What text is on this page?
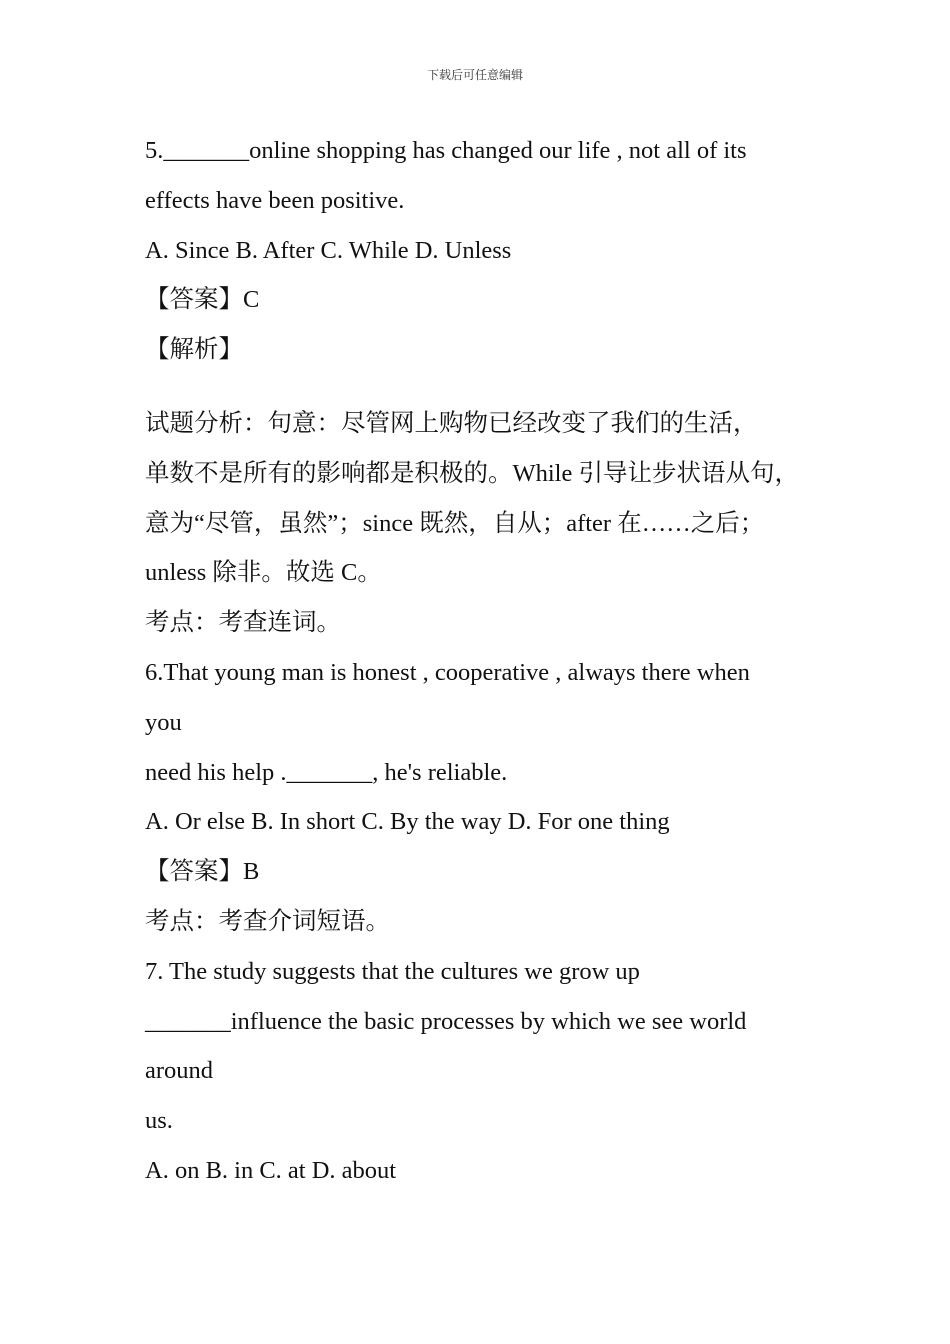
下载后可任意编辑
5._______online shopping has changed our life , not all of its
effects have been positive.
A. Since B. After C. While D. Unless
【答案】C
【解析】
试题分析：句意：尽管网上购物已经改变了我们的生活，
单数不是所有的影响都是积极的。While 引导让步状语从句，
意为“尽管，虽然”；since 既然，自从；after 在……之后；
unless 除非。故选 C。
考点：考查连词。
6.That young man is honest , cooperative , always there when
you
need his help ._______, he's reliable.
A. Or else B. In short C. By the way D. For one thing
【答案】B
考点：考查介词短语。
7. The study suggests that the cultures we grow up
_______influence the basic processes by which we see world
around
us.
A. on B. in C. at D. about
